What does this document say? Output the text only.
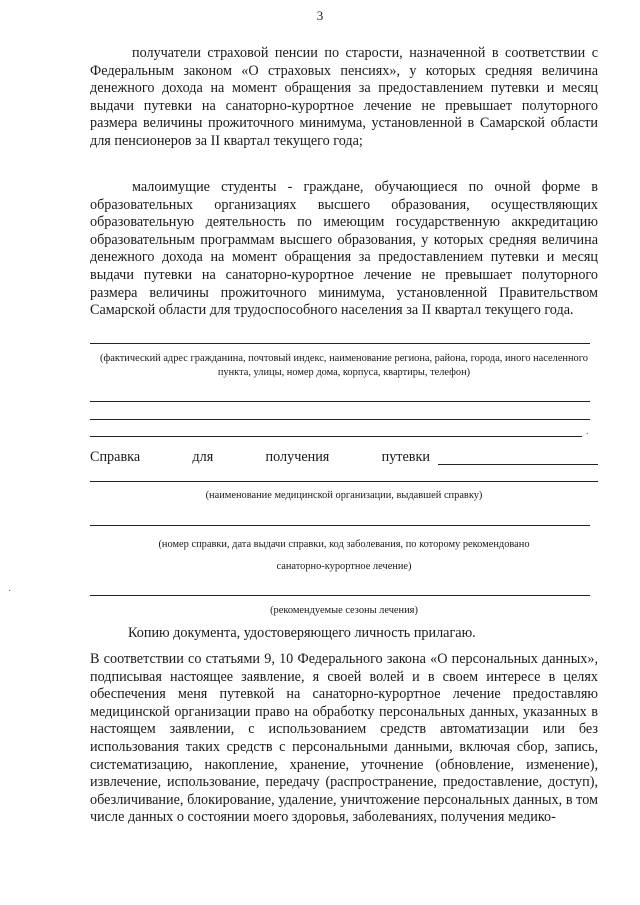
3

получатели страховой пенсии по старости, назначенной в соответствии с Федеральным законом «О страховых пенсиях», у которых средняя величина денежного дохода на момент обращения за предоставлением путевки и месяц выдачи путевки на санаторно-курортное лечение не превышает полуторного размера величины прожиточного минимума, установленной в Самарской области для пенсионеров за II квартал текущего года;

малоимущие студенты - граждане, обучающиеся по очной форме в образовательных организациях высшего образования, осуществляющих образовательную деятельность по имеющим государственную аккредитацию образовательным программам высшего образования, у которых средняя величина денежного дохода на момент обращения за предоставлением путевки и месяц выдачи путевки на санаторно-курортное лечение не превышает полуторного размера величины прожиточного минимума, установленной Правительством Самарской области для трудоспособного населения за II квартал текущего года.

(фактический адрес гражданина, почтовый индекс, наименование региона, района, города, иного населенного пункта, улицы, номер дома, корпуса, квартиры, телефон)
.
Справка	для	получения	путевки
(наименование медицинской организации, выдавшей справку)
(номер справки, дата выдачи справки, код заболевания, по которому рекомендовано
санаторно-курортное лечение)
·
(рекомендуемые сезоны лечения)

Копию документа, удостоверяющего личность прилагаю.

В соответствии со статьями 9, 10 Федерального закона «О персональных данных», подписывая настоящее заявление, я своей волей и в своем интересе в целях обеспечения меня путевкой на санаторно-курортное лечение предоставляю медицинской организации право на обработку персональных данных, указанных в настоящем заявлении, с использованием средств автоматизации или без использования таких средств с персональными данными, включая сбор, запись, систематизацию, накопление, хранение, уточнение (обновление, изменение), извлечение, использование, передачу (распространение, предоставление, доступ), обезличивание, блокирование, удаление, уничтожение персональных данных, в том числе данных о состоянии моего здоровья, заболеваниях, получения медико-
